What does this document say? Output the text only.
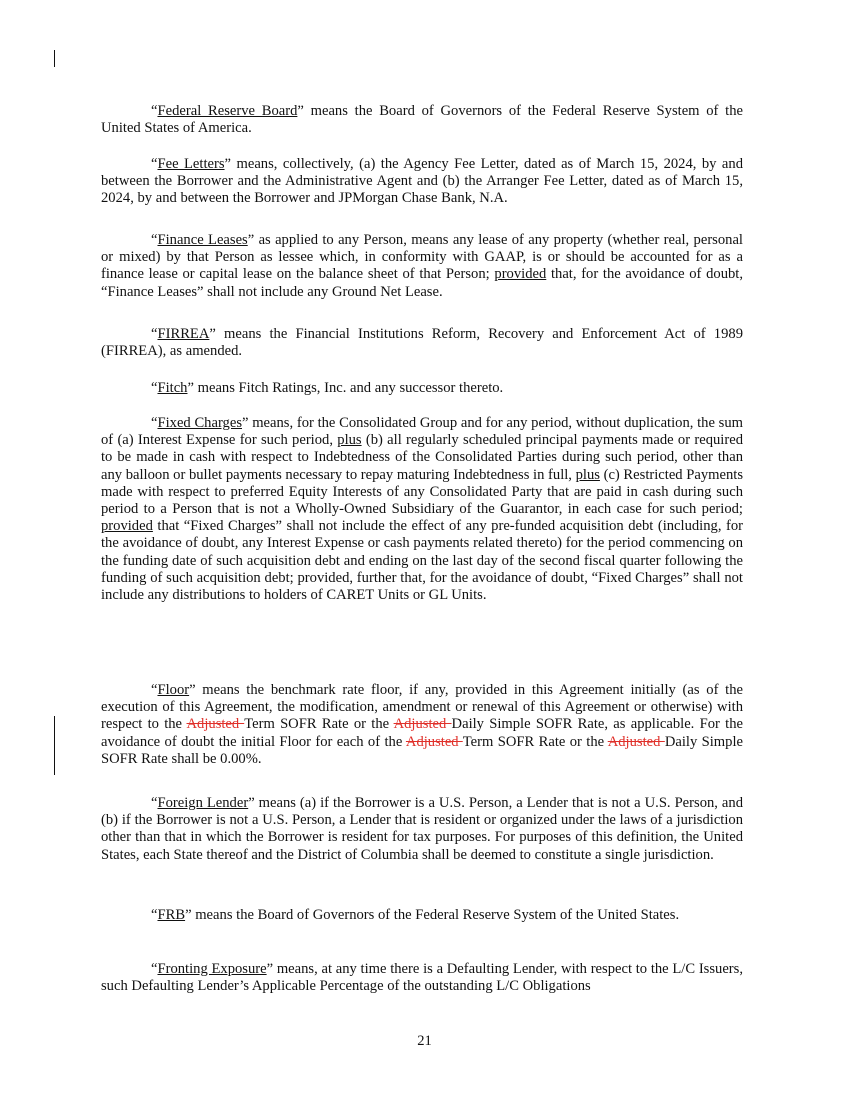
“Federal Reserve Board” means the Board of Governors of the Federal Reserve System of the United States of America.

“Fee Letters” means, collectively, (a) the Agency Fee Letter, dated as of March 15, 2024, by and between the Borrower and the Administrative Agent and (b) the Arranger Fee Letter, dated as of March 15, 2024, by and between the Borrower and JPMorgan Chase Bank, N.A.

“Finance Leases” as applied to any Person, means any lease of any property (whether real, personal or mixed) by that Person as lessee which, in conformity with GAAP, is or should be accounted for as a finance lease or capital lease on the balance sheet of that Person; provided that, for the avoidance of doubt, “Finance Leases” shall not include any Ground Net Lease.

“FIRREA” means the Financial Institutions Reform, Recovery and Enforcement Act of 1989 (FIRREA), as amended.

“Fitch” means Fitch Ratings, Inc. and any successor thereto.

“Fixed Charges” means, for the Consolidated Group and for any period, without duplication, the sum of (a) Interest Expense for such period, plus (b) all regularly scheduled principal payments made or required to be made in cash with respect to Indebtedness of the Consolidated Parties during such period, other than any balloon or bullet payments necessary to repay maturing Indebtedness in full, plus (c) Restricted Payments made with respect to preferred Equity Interests of any Consolidated Party that are paid in cash during such period to a Person that is not a Wholly-Owned Subsidiary of the Guarantor, in each case for such period; provided that “Fixed Charges” shall not include the effect of any pre-funded acquisition debt (including, for the avoidance of doubt, any Interest Expense or cash payments related thereto) for the period commencing on the funding date of such acquisition debt and ending on the last day of the second fiscal quarter following the funding of such acquisition debt; provided, further that, for the avoidance of doubt, “Fixed Charges” shall not include any distributions to holders of CARET Units or GL Units.

“Floor” means the benchmark rate floor, if any, provided in this Agreement initially (as of the execution of this Agreement, the modification, amendment or renewal of this Agreement or otherwise) with respect to the Adjusted Term SOFR Rate or the Adjusted Daily Simple SOFR Rate, as applicable. For the avoidance of doubt the initial Floor for each of the Adjusted Term SOFR Rate or the Adjusted Daily Simple SOFR Rate shall be 0.00%.

“Foreign Lender” means (a) if the Borrower is a U.S. Person, a Lender that is not a U.S. Person, and (b) if the Borrower is not a U.S. Person, a Lender that is resident or organized under the laws of a jurisdiction other than that in which the Borrower is resident for tax purposes. For purposes of this definition, the United States, each State thereof and the District of Columbia shall be deemed to constitute a single jurisdiction.

“FRB” means the Board of Governors of the Federal Reserve System of the United States.

“Fronting Exposure” means, at any time there is a Defaulting Lender, with respect to the L/C Issuers, such Defaulting Lender’s Applicable Percentage of the outstanding L/C Obligations

21
